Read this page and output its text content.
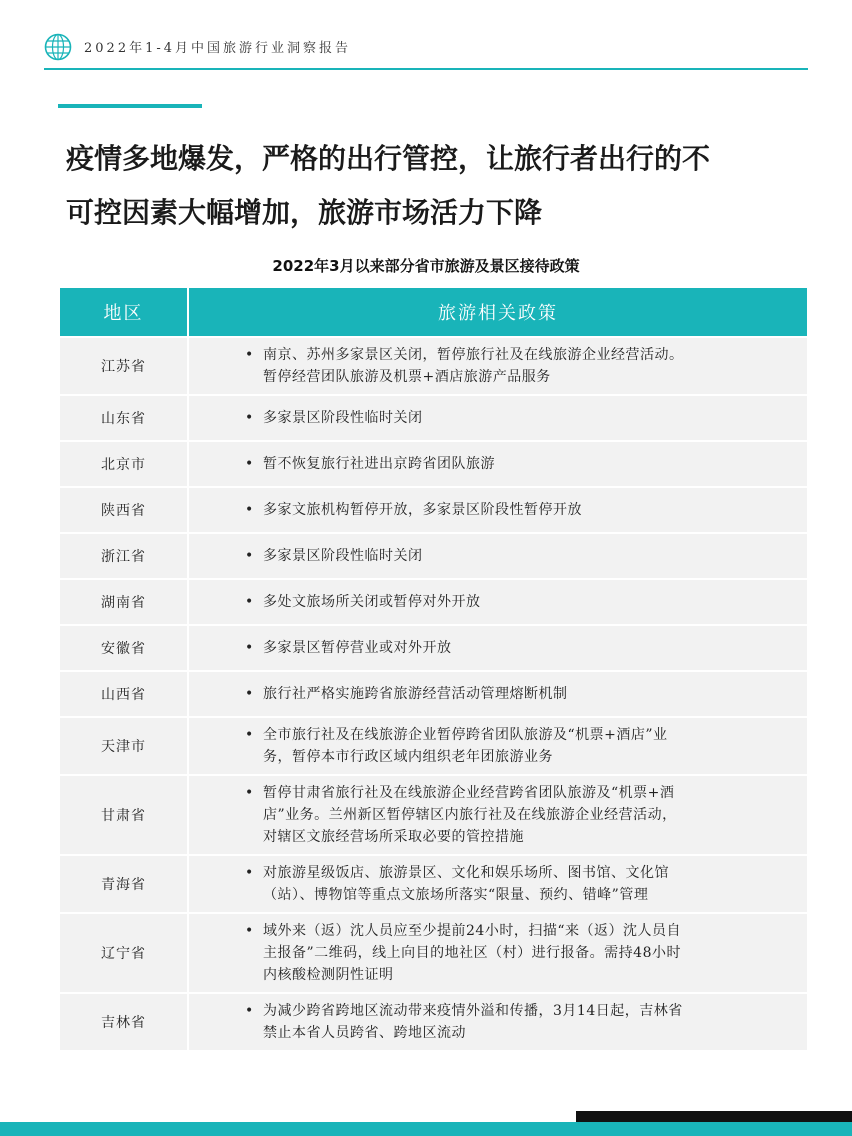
2022年1-4月中国旅游行业洞察报告
疫情多地爆发，严格的出行管控，让旅行者出行的不
可控因素大幅增加，旅游市场活力下降
2022年3月以来部分省市旅游及景区接待政策
地区	旅游相关政策
江苏省	• 南京、苏州多家景区关闭，暂停旅行社及在线旅游企业经营活动。
暂停经营团队旅游及机票+酒店旅游产品服务

山东省	• 多家景区阶段性临时关闭

北京市	• 暂不恢复旅行社进出京跨省团队旅游

陕西省	• 多家文旅机构暂停开放，多家景区阶段性暂停开放

浙江省	• 多家景区阶段性临时关闭

湖南省	• 多处文旅场所关闭或暂停对外开放

安徽省	• 多家景区暂停营业或对外开放

山西省	• 旅行社严格实施跨省旅游经营活动管理熔断机制

天津市	• 全市旅行社及在线旅游企业暂停跨省团队旅游及“机票+酒店”业
务，暂停本市行政区域内组织老年团旅游业务

甘肃省	• 暂停甘肃省旅行社及在线旅游企业经营跨省团队旅游及“机票+酒
店”业务。兰州新区暂停辖区内旅行社及在线旅游企业经营活动，
对辖区文旅经营场所采取必要的管控措施

青海省	• 对旅游星级饭店、旅游景区、文化和娱乐场所、图书馆、文化馆
（站）、博物馆等重点文旅场所落实“限量、预约、错峰”管理

辽宁省	• 域外来（返）沈人员应至少提前24小时，扫描“来（返）沈人员自
主报备”二维码，线上向目的地社区（村）进行报备。需持48小时
内核酸检测阴性证明

吉林省	• 为减少跨省跨地区流动带来疫情外溢和传播，3月14日起，吉林省
禁止本省人员跨省、跨地区流动
